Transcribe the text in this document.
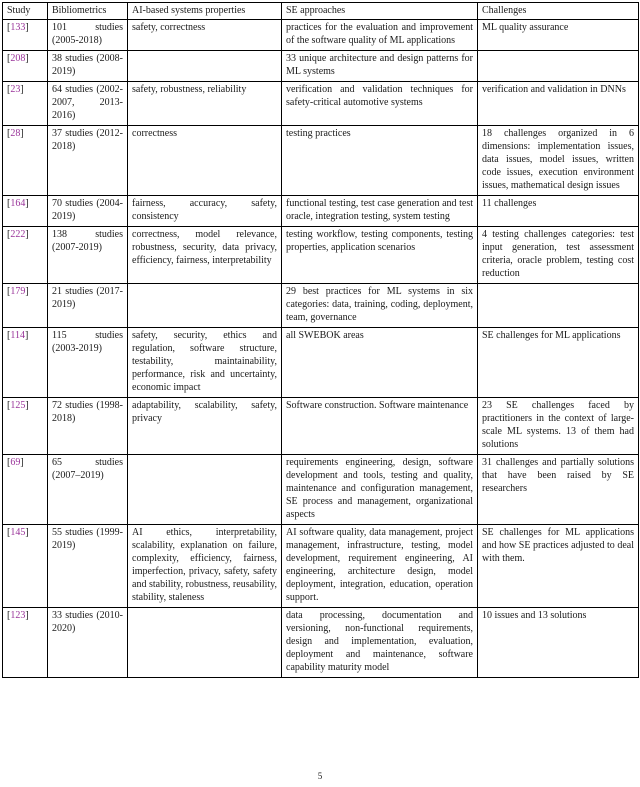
Study	Bibliometrics	AI-based systems properties	SE approaches	Challenges
[133]	101 studies (2005-2018)	safety, correctness	practices for the evaluation and improvement of the software quality of ML applications	ML quality assurance
[208]	38 studies (2008-2019)		33 unique architecture and design patterns for ML systems	
[23]	64 studies (2002-2007, 2013-2016)	safety, robustness, reliability	verification and validation techniques for safety-critical automotive systems	verification and validation in DNNs
[28]	37 studies (2012-2018)	correctness	testing practices	18 challenges organized in 6 dimensions: implementation issues, data issues, model issues, written code issues, execution environment issues, mathematical design issues
[164]	70 studies (2004-2019)	fairness, accuracy, safety, consistency	functional testing, test case generation and test oracle, integration testing, system testing	11 challenges
[222]	138 studies (2007-2019)	correctness, model relevance, robustness, security, data privacy, efficiency, fairness, interpretability	testing workflow, testing components, testing properties, application scenarios	4 testing challenges categories: test input generation, test assessment criteria, oracle problem, testing cost reduction
[179]	21 studies (2017-2019)		29 best practices for ML systems in six categories: data, training, coding, deployment, team, governance	
[114]	115 studies (2003-2019)	safety, security, ethics and regulation, software structure, testability, maintainability, performance, risk and uncertainty, economic impact	all SWEBOK areas	SE challenges for ML applications
[125]	72 studies (1998-2018)	adaptability, scalability, safety, privacy	Software construction. Software maintenance	23 SE challenges faced by practitioners in the context of large-scale ML systems. 13 of them had solutions
[69]	65 studies (2007–2019)		requirements engineering, design, software development and tools, testing and quality, maintenance and configuration management, SE process and management, organizational aspects	31 challenges and partially solutions that have been raised by SE researchers
[145]	55 studies (1999-2019)	AI ethics, interpretability, scalability, explanation on failure, complexity, efficiency, fairness, imperfection, privacy, safety, safety and stability, robustness, reusability, stability, staleness	AI software quality, data management, project management, infrastructure, testing, model development, requirement engineering, AI engineering, architecture design, model deployment, integration, education, operation support.	SE challenges for ML applications and how SE practices adjusted to deal with them.
[123]	33 studies (2010-2020)		data processing, documentation and versioning, non-functional requirements, design and implementation, evaluation, deployment and maintenance, software capability maturity model	10 issues and 13 solutions
5
